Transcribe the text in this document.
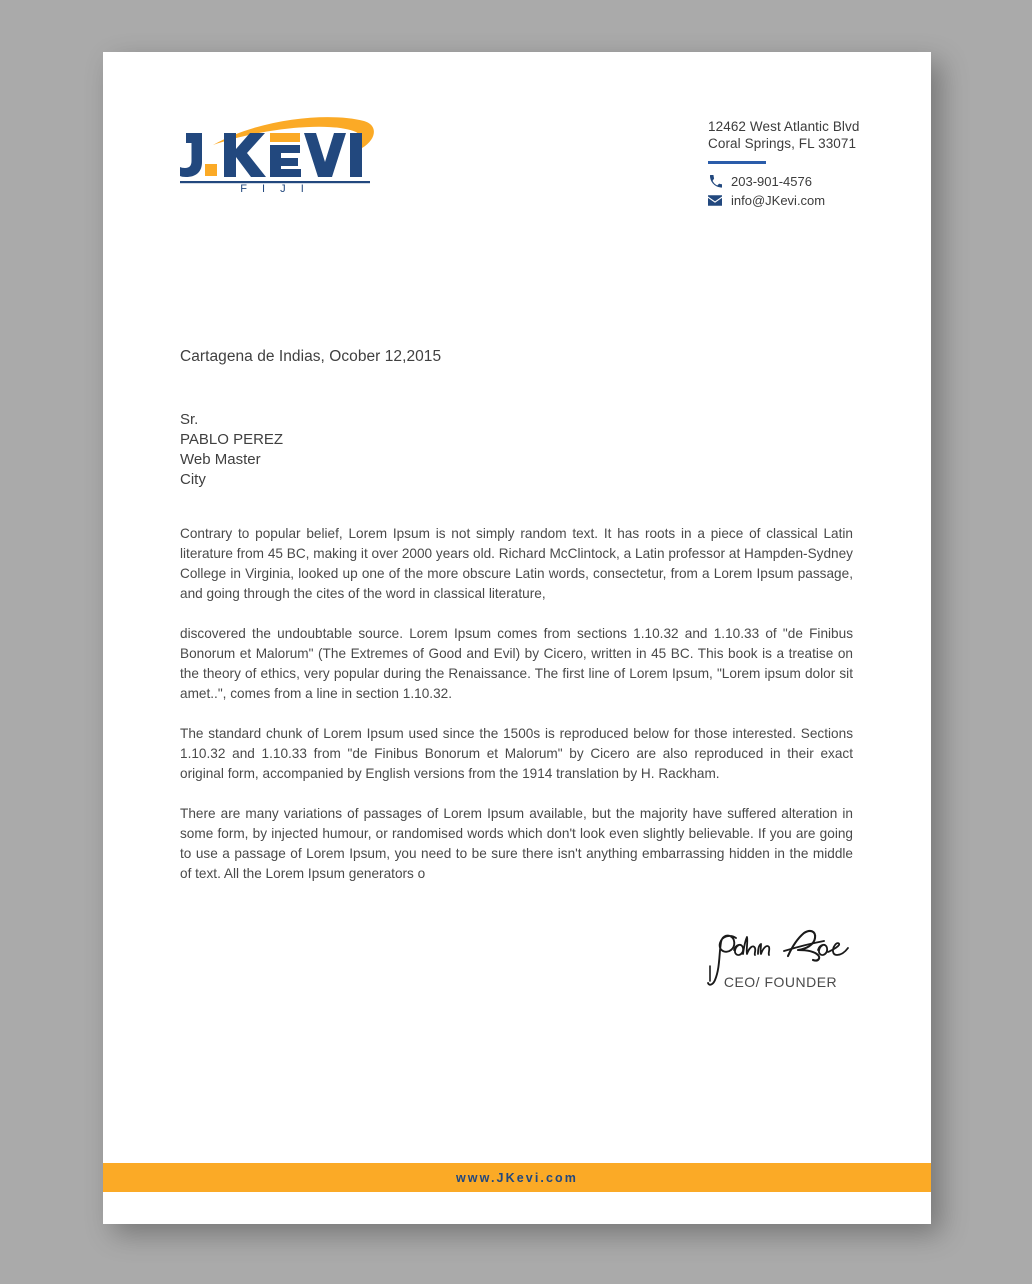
F I J I
12462 West Atlantic Blvd
Coral Springs, FL 33071
203-901-4576
info@JKevi.com
Cartagena de Indias, Ocober 12,2015
Sr.
PABLO PEREZ
Web Master
City

Contrary to popular belief, Lorem Ipsum is not simply random text. It has roots in a piece of classical Latin literature from 45 BC, making it over 2000 years old. Richard McClintock, a Latin professor at Hampden-Sydney College in Virginia, looked up one of the more obscure Latin words, consectetur, from a Lorem Ipsum passage, and going through the cites of the word in classical literature,

discovered the undoubtable source. Lorem Ipsum comes from sections 1.10.32 and 1.10.33 of "de Finibus Bonorum et Malorum" (The Extremes of Good and Evil) by Cicero, written in 45 BC. This book is a treatise on the theory of ethics, very popular during the Renaissance. The first line of Lorem Ipsum, "Lorem ipsum dolor sit amet..", comes from a line in section 1.10.32.

The standard chunk of Lorem Ipsum used since the 1500s is reproduced below for those interested. Sections 1.10.32 and 1.10.33 from "de Finibus Bonorum et Malorum" by Cicero are also reproduced in their exact original form, accompanied by English versions from the 1914 translation by H. Rackham.

There are many variations of passages of Lorem Ipsum available, but the majority have suffered alteration in some form, by injected humour, or randomised words which don't look even slightly believable. If you are going to use a passage of Lorem Ipsum, you need to be sure there isn't anything embarrassing hidden in the middle of text. All the Lorem Ipsum generators o

CEO/ FOUNDER
www.JKevi.com
